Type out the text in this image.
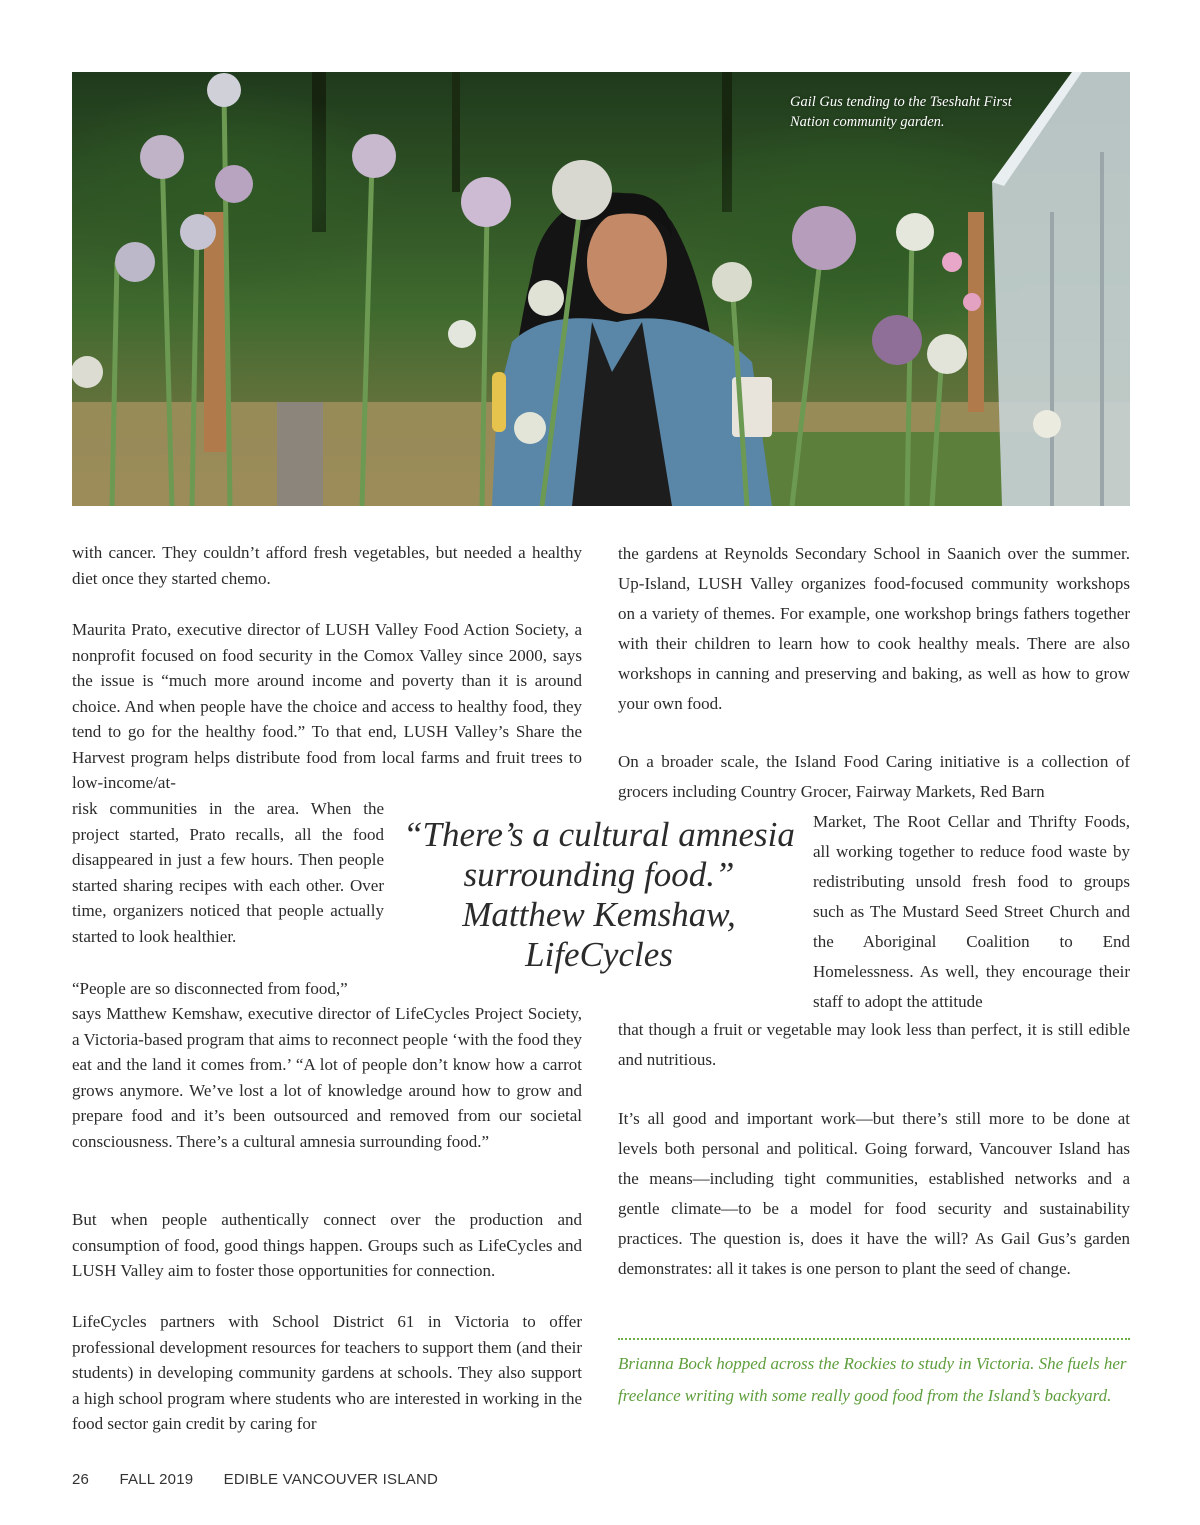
Gail Gus tending to the Tseshaht First Nation community garden.

with cancer. They couldn’t afford fresh vegetables, but needed a healthy diet once they started chemo.

Maurita Prato, executive director of LUSH Valley Food Action Society, a nonprofit focused on food security in the Comox Valley since 2000, says the issue is “much more around income and poverty than it is around choice. And when people have the choice and access to healthy food, they tend to go for the healthy food.” To that end, LUSH Valley’s Share the Harvest program helps distribute food from local farms and fruit trees to low-income/at-

risk communities in the area. When the project started, Prato recalls, all the food disappeared in just a few hours. Then people started sharing recipes with each other. Over time, organizers noticed that people actually started to look healthier.

“People are so disconnected from food,”

says Matthew Kemshaw, executive director of LifeCycles Project Society, a Victoria-based program that aims to reconnect people ‘with the food they eat and the land it comes from.’ “A lot of people don’t know how a carrot grows anymore. We’ve lost a lot of knowledge around how to grow and prepare food and it’s been outsourced and removed from our societal consciousness. There’s a cultural amnesia surrounding food.”

But when people authentically connect over the production and consumption of food, good things happen. Groups such as LifeCycles and LUSH Valley aim to foster those opportunities for connection.

LifeCycles partners with School District 61 in Victoria to offer professional development resources for teachers to support them (and their students) in developing community gardens at schools. They also support a high school program where students who are interested in working in the food sector gain credit by caring for

“There’s a cultural amnesia surrounding food.”
Matthew Kemshaw,
LifeCycles

the gardens at Reynolds Secondary School in Saanich over the summer. Up-Island, LUSH Valley organizes food-focused community workshops on a variety of themes. For example, one workshop brings fathers together with their children to learn how to cook healthy meals. There are also workshops in canning and preserving and baking, as well as how to grow your own food.

On a broader scale, the Island Food Caring initiative is a collection of grocers including Country Grocer, Fairway Markets, Red Barn

Market, The Root Cellar and Thrifty Foods, all working together to reduce food waste by redistributing unsold fresh food to groups such as The Mustard Seed Street Church and the Aboriginal Coalition to End Homelessness. As well, they encourage their staff to adopt the attitude

that though a fruit or vegetable may look less than perfect, it is still edible and nutritious.

It’s all good and important work—but there’s still more to be done at levels both personal and political. Going forward, Vancouver Island has the means—including tight communities, established networks and a gentle climate—to be a model for food security and sustainability practices. The question is, does it have the will? As Gail Gus’s garden demonstrates: all it takes is one person to plant the seed of change.

Brianna Bock hopped across the Rockies to study in Victoria. She fuels her freelance writing with some really good food from the Island’s backyard.

26 FALL 2019 EDIBLE VANCOUVER ISLAND
